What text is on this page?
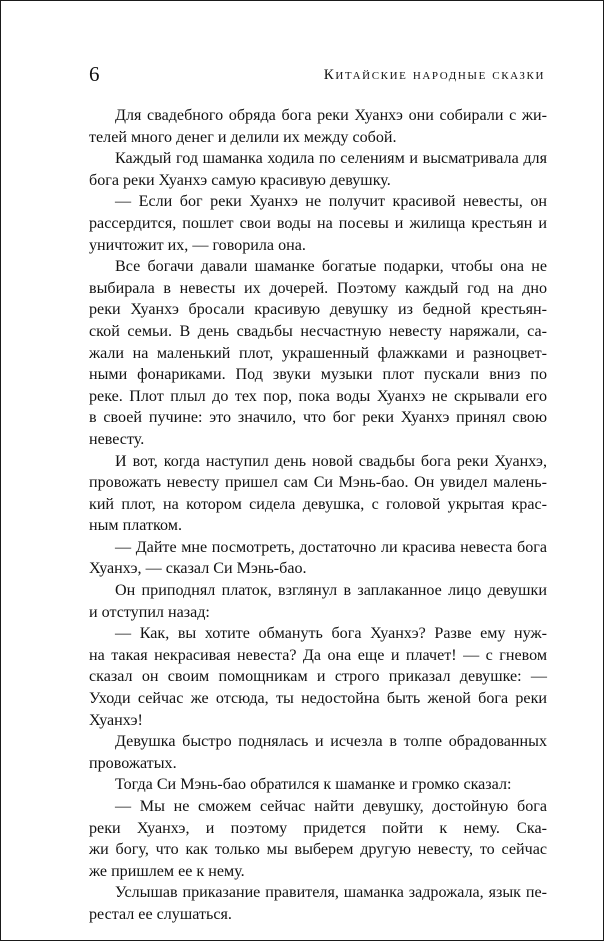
6	Китайские народные сказки
Для свадебного обряда бога реки Хуанхэ они собирали с жи-
телей много денег и делили их между собой.
Каждый год шаманка ходила по селениям и высматривала для
бога реки Хуанхэ самую красивую девушку.
— Если бог реки Хуанхэ не получит красивой невесты, он
рассердится, пошлет свои воды на посевы и жилища крестьян и
уничтожит их, — говорила она.
Все богачи давали шаманке богатые подарки, чтобы она не
выбирала в невесты их дочерей. Поэтому каждый год на дно
реки Хуанхэ бросали красивую девушку из бедной крестьян-
ской семьи. В день свадьбы несчастную невесту наряжали, са-
жали на маленький плот, украшенный флажками и разноцвет-
ными фонариками. Под звуки музыки плот пускали вниз по
реке. Плот плыл до тех пор, пока воды Хуанхэ не скрывали его
в своей пучине: это значило, что бог реки Хуанхэ принял свою
невесту.
И вот, когда наступил день новой свадьбы бога реки Хуанхэ,
провожать невесту пришел сам Си Мэнь-бао. Он увидел малень-
кий плот, на котором сидела девушка, с головой укрытая крас-
ным платком.
— Дайте мне посмотреть, достаточно ли красива невеста бога
Хуанхэ, — сказал Си Мэнь-бао.
Он приподнял платок, взглянул в заплаканное лицо девушки
и отступил назад:
— Как, вы хотите обмануть бога Хуанхэ? Разве ему нуж-
на такая некрасивая невеста? Да она еще и плачет! — с гневом
сказал он своим помощникам и строго приказал девушке: —
Уходи сейчас же отсюда, ты недостойна быть женой бога реки
Хуанхэ!
Девушка быстро поднялась и исчезла в толпе обрадованных
провожатых.
Тогда Си Мэнь-бао обратился к шаманке и громко сказал:
— Мы не сможем сейчас найти девушку, достойную бога
реки Хуанхэ, и поэтому придется пойти к нему. Ска-
жи богу, что как только мы выберем другую невесту, то сейчас
же пришлем ее к нему.
Услышав приказание правителя, шаманка задрожала, язык пе-
рестал ее слушаться.
